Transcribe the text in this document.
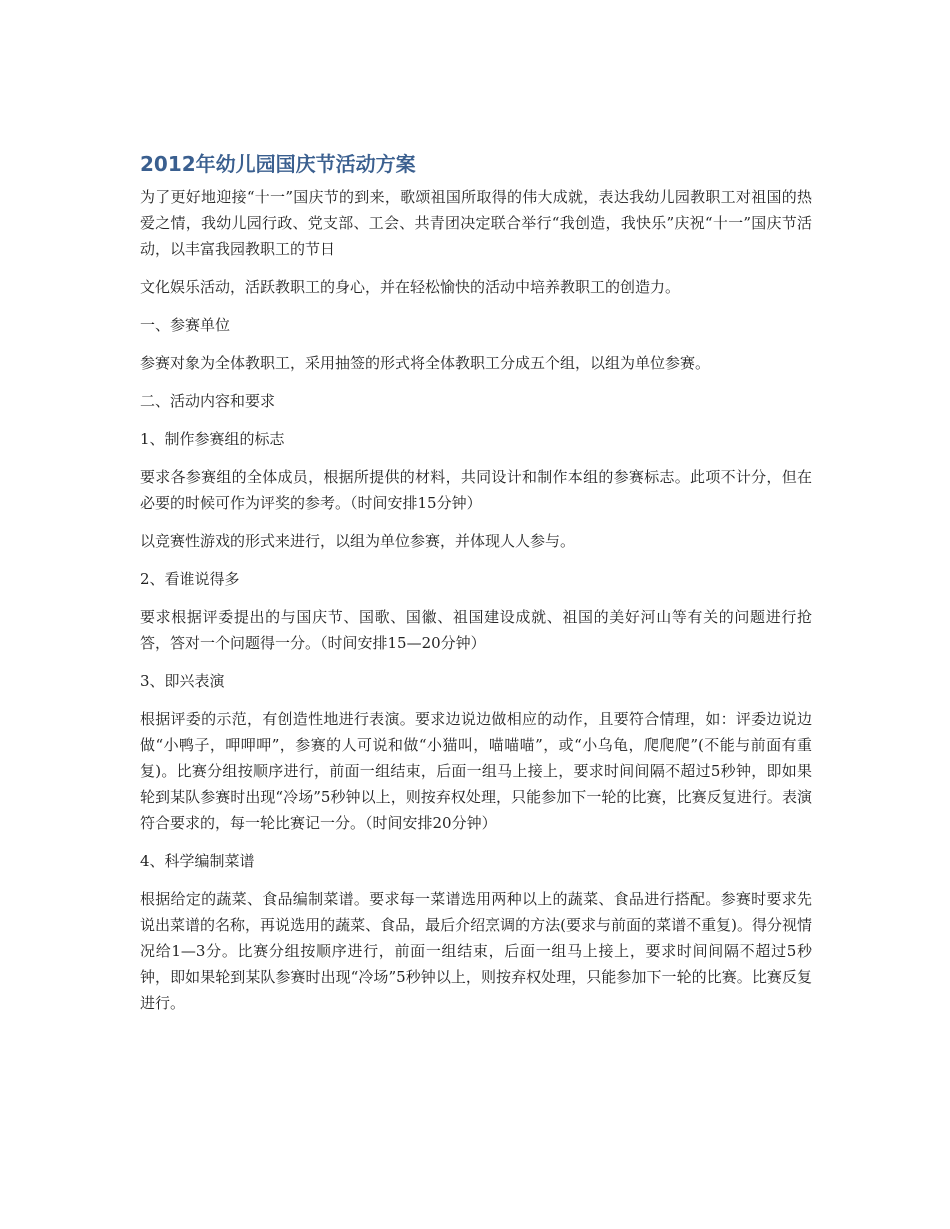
2012年幼儿园国庆节活动方案

为了更好地迎接“十一”国庆节的到来，歌颂祖国所取得的伟大成就，表达我幼儿园教职工对祖国的热爱之情，我幼儿园行政、党支部、工会、共青团决定联合举行“我创造，我快乐”庆祝“十一”国庆节活动，以丰富我园教职工的节日

文化娱乐活动，活跃教职工的身心，并在轻松愉快的活动中培养教职工的创造力。

一、参赛单位

参赛对象为全体教职工，采用抽签的形式将全体教职工分成五个组，以组为单位参赛。

二、活动内容和要求

1、制作参赛组的标志

要求各参赛组的全体成员，根据所提供的材料，共同设计和制作本组的参赛标志。此项不计分，但在必要的时候可作为评奖的参考。（时间安排15分钟）

以竞赛性游戏的形式来进行，以组为单位参赛，并体现人人参与。

2、看谁说得多

要求根据评委提出的与国庆节、国歌、国徽、祖国建设成就、祖国的美好河山等有关的问题进行抢答，答对一个问题得一分。（时间安排15—20分钟）

3、即兴表演

根据评委的示范，有创造性地进行表演。要求边说边做相应的动作，且要符合情理，如：评委边说边做“小鸭子，呷呷呷”，参赛的人可说和做“小猫叫，喵喵喵”，或“小乌龟，爬爬爬”(不能与前面有重复)。比赛分组按顺序进行，前面一组结束，后面一组马上接上，要求时间间隔不超过5秒钟，即如果轮到某队参赛时出现“冷场”5秒钟以上，则按弃权处理，只能参加下一轮的比赛，比赛反复进行。表演符合要求的，每一轮比赛记一分。（时间安排20分钟）

4、科学编制菜谱

根据给定的蔬菜、食品编制菜谱。要求每一菜谱选用两种以上的蔬菜、食品进行搭配。参赛时要求先说出菜谱的名称，再说选用的蔬菜、食品，最后介绍烹调的方法(要求与前面的菜谱不重复)。得分视情况给1—3分。比赛分组按顺序进行，前面一组结束，后面一组马上接上，要求时间间隔不超过5秒钟，即如果轮到某队参赛时出现“冷场”5秒钟以上，则按弃权处理，只能参加下一轮的比赛。比赛反复进行。
